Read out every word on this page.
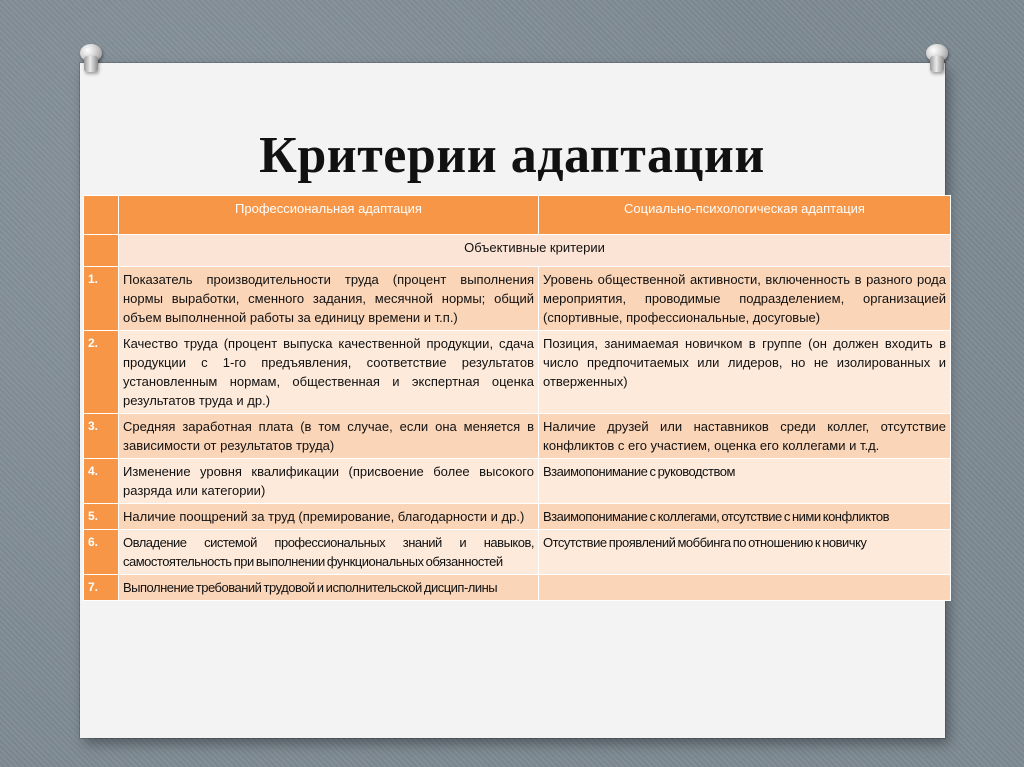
Критерии адаптации
	Профессиональная адаптация	Социально-психологическая адаптация
	Объективные критерии	
1.	Показатель производительности труда (процент выполнения нормы выработки, сменного задания, месячной нормы; общий объем выполненной работы за единицу времени и т.п.)	Уровень общественной активности, включенность в разного рода мероприятия, проводимые подразделением, организацией (спортивные, профессиональные, досуговые)
2.	Качество труда (процент выпуска качественной продукции, сдача продукции с 1-го предъявления, соответствие результатов установленным нормам, общественная и экспертная оценка результатов труда и др.)	Позиция, занимаемая новичком в группе (он должен входить в число предпочитаемых или лидеров, но не изолированных и отверженных)
3.	Средняя заработная плата (в том случае, если она меняется в зависимости от результатов труда)	Наличие друзей или наставников среди коллег, отсутствие конфликтов с его участием, оценка его коллегами и т.д.
4.	Изменение уровня квалификации (присвоение более высокого разряда или категории)	Взаимопонимание с руководством
5.	Наличие поощрений за труд (премирование, благодарности и др.)	Взаимопонимание с коллегами, отсутствие с ними конфликтов
6.	Овладение системой профессиональных знаний и навыков, самостоятельность при выполнении функциональных обязанностей	Отсутствие проявлений моббинга по отношению к новичку
7.	Выполнение требований трудовой и исполнительской дисцип-лины	
